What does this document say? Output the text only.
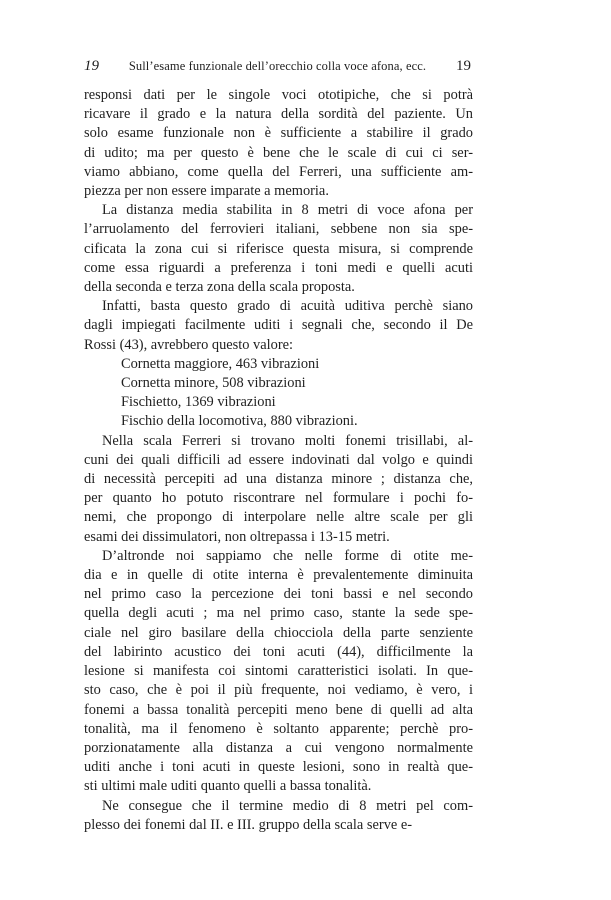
19	Sull’esame funzionale dell’orecchio colla voce afona, ecc.	19
responsi dati per le singole voci ototipiche, che si potrà
ricavare il grado e la natura della sordità del paziente. Un
solo esame funzionale non è sufficiente a stabilire il grado
di udito; ma per questo è bene che le scale di cui ci ser-
viamo abbiano, come quella del Ferreri, una sufficiente am-
piezza per non essere imparate a memoria.
La distanza media stabilita in 8 metri di voce afona per
l’arruolamento del ferrovieri italiani, sebbene non sia spe-
cificata la zona cui si riferisce questa misura, si comprende
come essa riguardi a preferenza i toni medi e quelli acuti
della seconda e terza zona della scala proposta.
Infatti, basta questo grado di acuità uditiva perchè siano
dagli impiegati facilmente uditi i segnali che, secondo il De
Rossi (43), avrebbero questo valore:
Cornetta maggiore, 463 vibrazioni
Cornetta minore, 508 vibrazioni
Fischietto, 1369 vibrazioni
Fischio della locomotiva, 880 vibrazioni.
Nella scala Ferreri si trovano molti fonemi trisillabi, al-
cuni dei quali difficili ad essere indovinati dal volgo e quindi
di necessità percepiti ad una distanza minore ; distanza che,
per quanto ho potuto riscontrare nel formulare i pochi fo-
nemi, che propongo di interpolare nelle altre scale per gli
esami dei dissimulatori, non oltrepassa i 13-15 metri.
D’altronde noi sappiamo che nelle forme di otite me-
dia e in quelle di otite interna è prevalentemente diminuita
nel primo caso la percezione dei toni bassi e nel secondo
quella degli acuti ; ma nel primo caso, stante la sede spe-
ciale nel giro basilare della chiocciola della parte senziente
del labirinto acustico dei toni acuti (44), difficilmente la
lesione si manifesta coi sintomi caratteristici isolati. In que-
sto caso, che è poi il più frequente, noi vediamo, è vero, i
fonemi a bassa tonalità percepiti meno bene di quelli ad alta
tonalità, ma il fenomeno è soltanto apparente; perchè pro-
porzionatamente alla distanza a cui vengono normalmente
uditi anche i toni acuti in queste lesioni, sono in realtà que-
sti ultimi male uditi quanto quelli a bassa tonalità.
Ne consegue che il termine medio di 8 metri pel com-
plesso dei fonemi dal II. e III. gruppo della scala serve e-
